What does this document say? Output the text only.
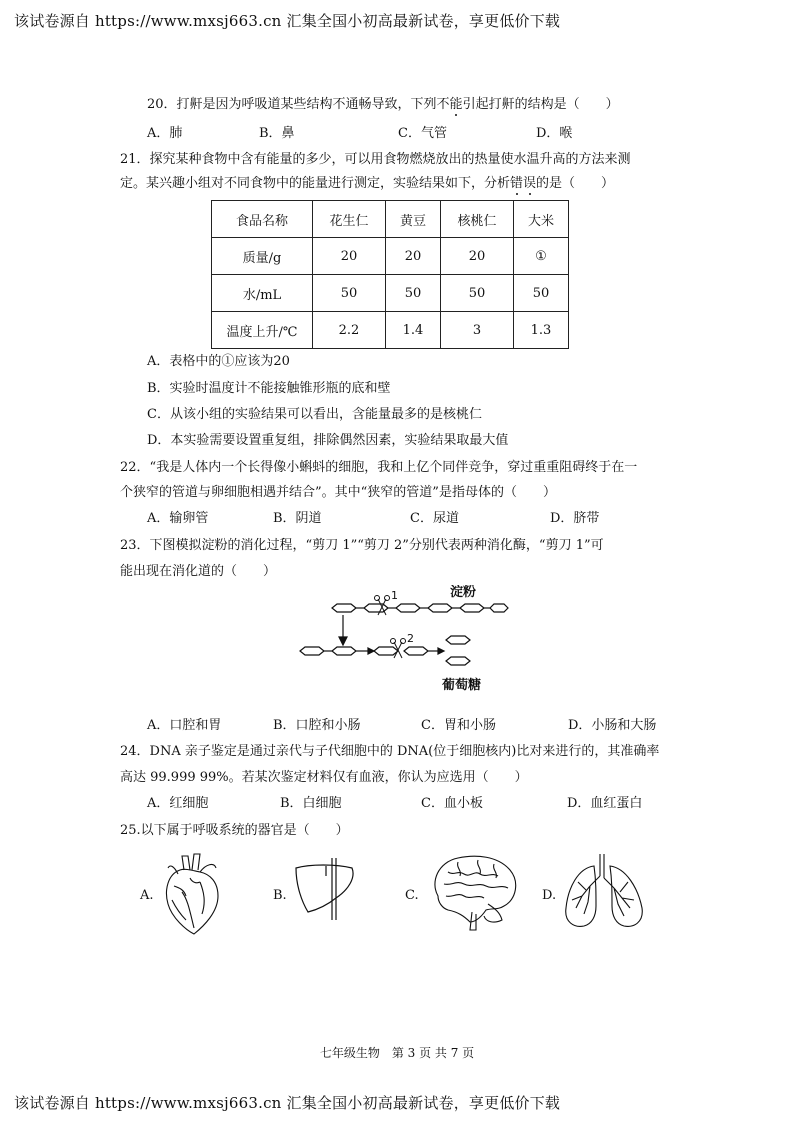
该试卷源自 https://www.mxsj663.cn 汇集全国小初高最新试卷，享更低价下载
20．打鼾是因为呼吸道某些结构不通畅导致，下列不能引起打鼾的结构是（　　）
A．肺	B．鼻	C．气管	D．喉
21．探究某种食物中含有能量的多少，可以用食物燃烧放出的热量使水温升高的方法来测
定。某兴趣小组对不同食物中的能量进行测定，实验结果如下，分析错误的是（　　）
食品名称	花生仁	黄豆	核桃仁	大米
质量/g	20	20	20	①
水/mL	50	50	50	50
温度上升/℃	2.2	1.4	3	1.3
A．表格中的①应该为20
B．实验时温度计不能接触锥形瓶的底和壁
C．从该小组的实验结果可以看出，含能量最多的是核桃仁
D．本实验需要设置重复组，排除偶然因素，实验结果取最大值
22．“我是人体内一个长得像小蝌蚪的细胞，我和上亿个同伴竞争，穿过重重阻碍终于在一
个狭窄的管道与卵细胞相遇并结合”。其中“狭窄的管道”是指母体的（　　）
A．输卵管	B．阴道	C．尿道	D．脐带
23．下图模拟淀粉的消化过程，“剪刀 1”“剪刀 2”分别代表两种消化酶，“剪刀 1”可
能出现在消化道的（　　）
1
2
淀粉
葡萄糖
A．口腔和胃	B．口腔和小肠	C．胃和小肠	D．小肠和大肠
24．DNA 亲子鉴定是通过亲代与子代细胞中的 DNA(位于细胞核内)比对来进行的，其准确率
高达 99.999 99%。若某次鉴定材料仅有血液，你认为应选用（　　）
A．红细胞	B．白细胞	C．血小板	D．血红蛋白
25.以下属于呼吸系统的器官是（　　）
A.	B.	C.	D.
七年级生物　第 3 页 共 7 页
该试卷源自 https://www.mxsj663.cn 汇集全国小初高最新试卷，享更低价下载
